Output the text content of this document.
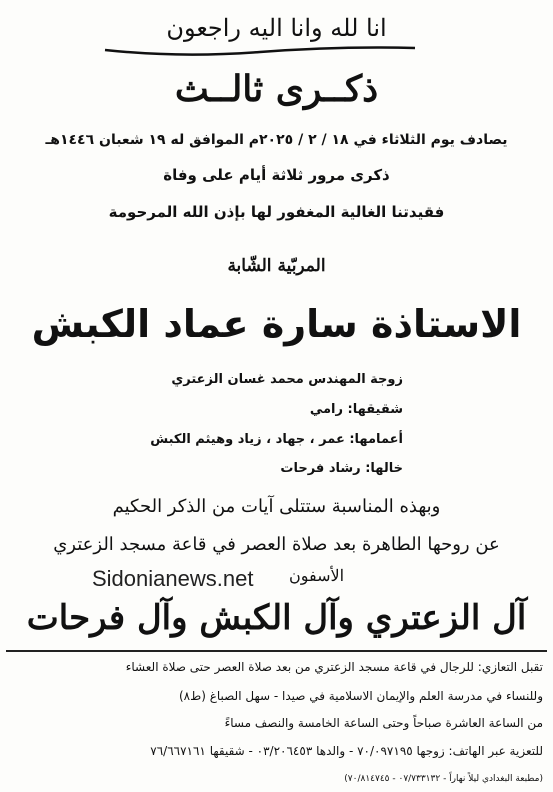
انا لله وانا اليه راجعون
ذكــرى ثالــث
يصادف يوم الثلاثاء في ١٨ / ٢ / ٢٠٢٥م الموافق له ١٩ شعبان ١٤٤٦هـ
ذكرى مرور ثلاثة أيام على وفاة
فقيدتنا الغالية المغفور لها بإذن الله المرحومة
المربّية الشّابة
الاستاذة سارة عماد الكبش
زوجة المهندس محمد غسان الزعتري
شقيقها: رامي
أعمامها: عمر ، جهاد ، زياد وهيثم الكبش
خالها: رشاد فرحات
وبهذه المناسبة ستتلى آيات من الذكر الحكيم
عن روحها الطاهرة بعد صلاة العصر في قاعة مسجد الزعتري
الأسفون
Sidonianews.net
آل الزعتري وآل الكبش وآل فرحات
تقبل التعازي: للرجال في قاعة مسجد الزعتري من بعد صلاة العصر حتى صلاة العشاء
وللنساء في مدرسة العلم والإيمان الاسلامية في صيدا - سهل الصباغ (ط٨)
من الساعة العاشرة صباحاً وحتى الساعة الخامسة والنصف مساءً
للتعزية عبر الهاتف: زوجها ٧٠/٠٩٧١٩٥ - والدها ٠٣/٢٠٦٤٥٣ - شقيقها ٧٦/٦٦٧١٦١
(مطبعة البغدادي ليلاً نهاراً - ٠٧/٧٣٣١٣٢ - ٧٠/٨١٤٧٤٥)
